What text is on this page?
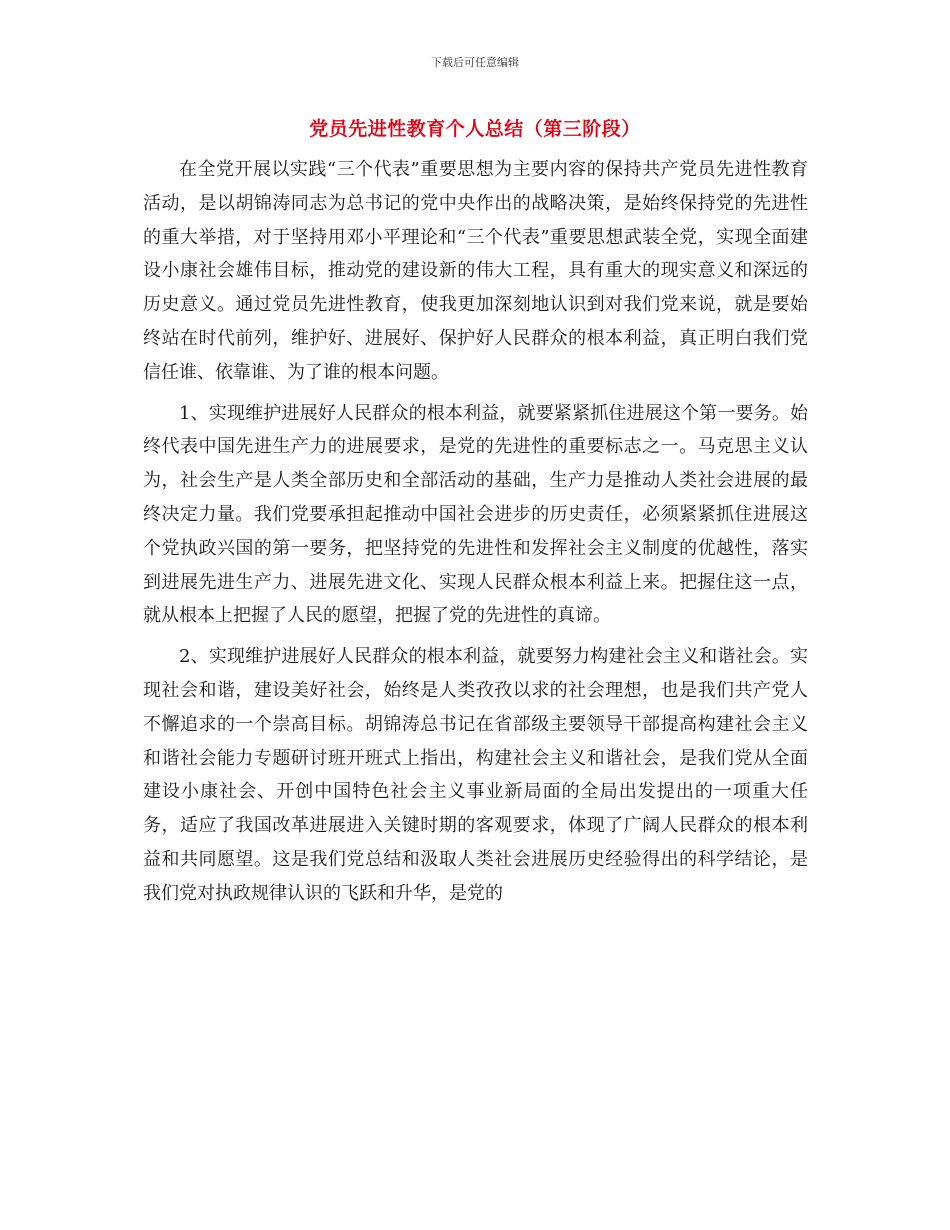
下载后可任意编辑
党员先进性教育个人总结（第三阶段）

在全党开展以实践“三个代表”重要思想为主要内容的保持共产党员先进性教育活动，是以胡锦涛同志为总书记的党中央作出的战略决策，是始终保持党的先进性的重大举措，对于坚持用邓小平理论和“三个代表”重要思想武装全党，实现全面建设小康社会雄伟目标，推动党的建设新的伟大工程，具有重大的现实意义和深远的历史意义。通过党员先进性教育，使我更加深刻地认识到对我们党来说，就是要始终站在时代前列，维护好、进展好、保护好人民群众的根本利益，真正明白我们党信任谁、依靠谁、为了谁的根本问题。

1、实现维护进展好人民群众的根本利益，就要紧紧抓住进展这个第一要务。始终代表中国先进生产力的进展要求，是党的先进性的重要标志之一。马克思主义认为，社会生产是人类全部历史和全部活动的基础，生产力是推动人类社会进展的最终决定力量。我们党要承担起推动中国社会进步的历史责任，必须紧紧抓住进展这个党执政兴国的第一要务，把坚持党的先进性和发挥社会主义制度的优越性，落实到进展先进生产力、进展先进文化、实现人民群众根本利益上来。把握住这一点，就从根本上把握了人民的愿望，把握了党的先进性的真谛。

2、实现维护进展好人民群众的根本利益，就要努力构建社会主义和谐社会。实现社会和谐，建设美好社会，始终是人类孜孜以求的社会理想，也是我们共产党人不懈追求的一个崇高目标。胡锦涛总书记在省部级主要领导干部提高构建社会主义和谐社会能力专题研讨班开班式上指出，构建社会主义和谐社会，是我们党从全面建设小康社会、开创中国特色社会主义事业新局面的全局出发提出的一项重大任务，适应了我国改革进展进入关键时期的客观要求，体现了广阔人民群众的根本利益和共同愿望。这是我们党总结和汲取人类社会进展历史经验得出的科学结论，是我们党对执政规律认识的飞跃和升华，是党的
